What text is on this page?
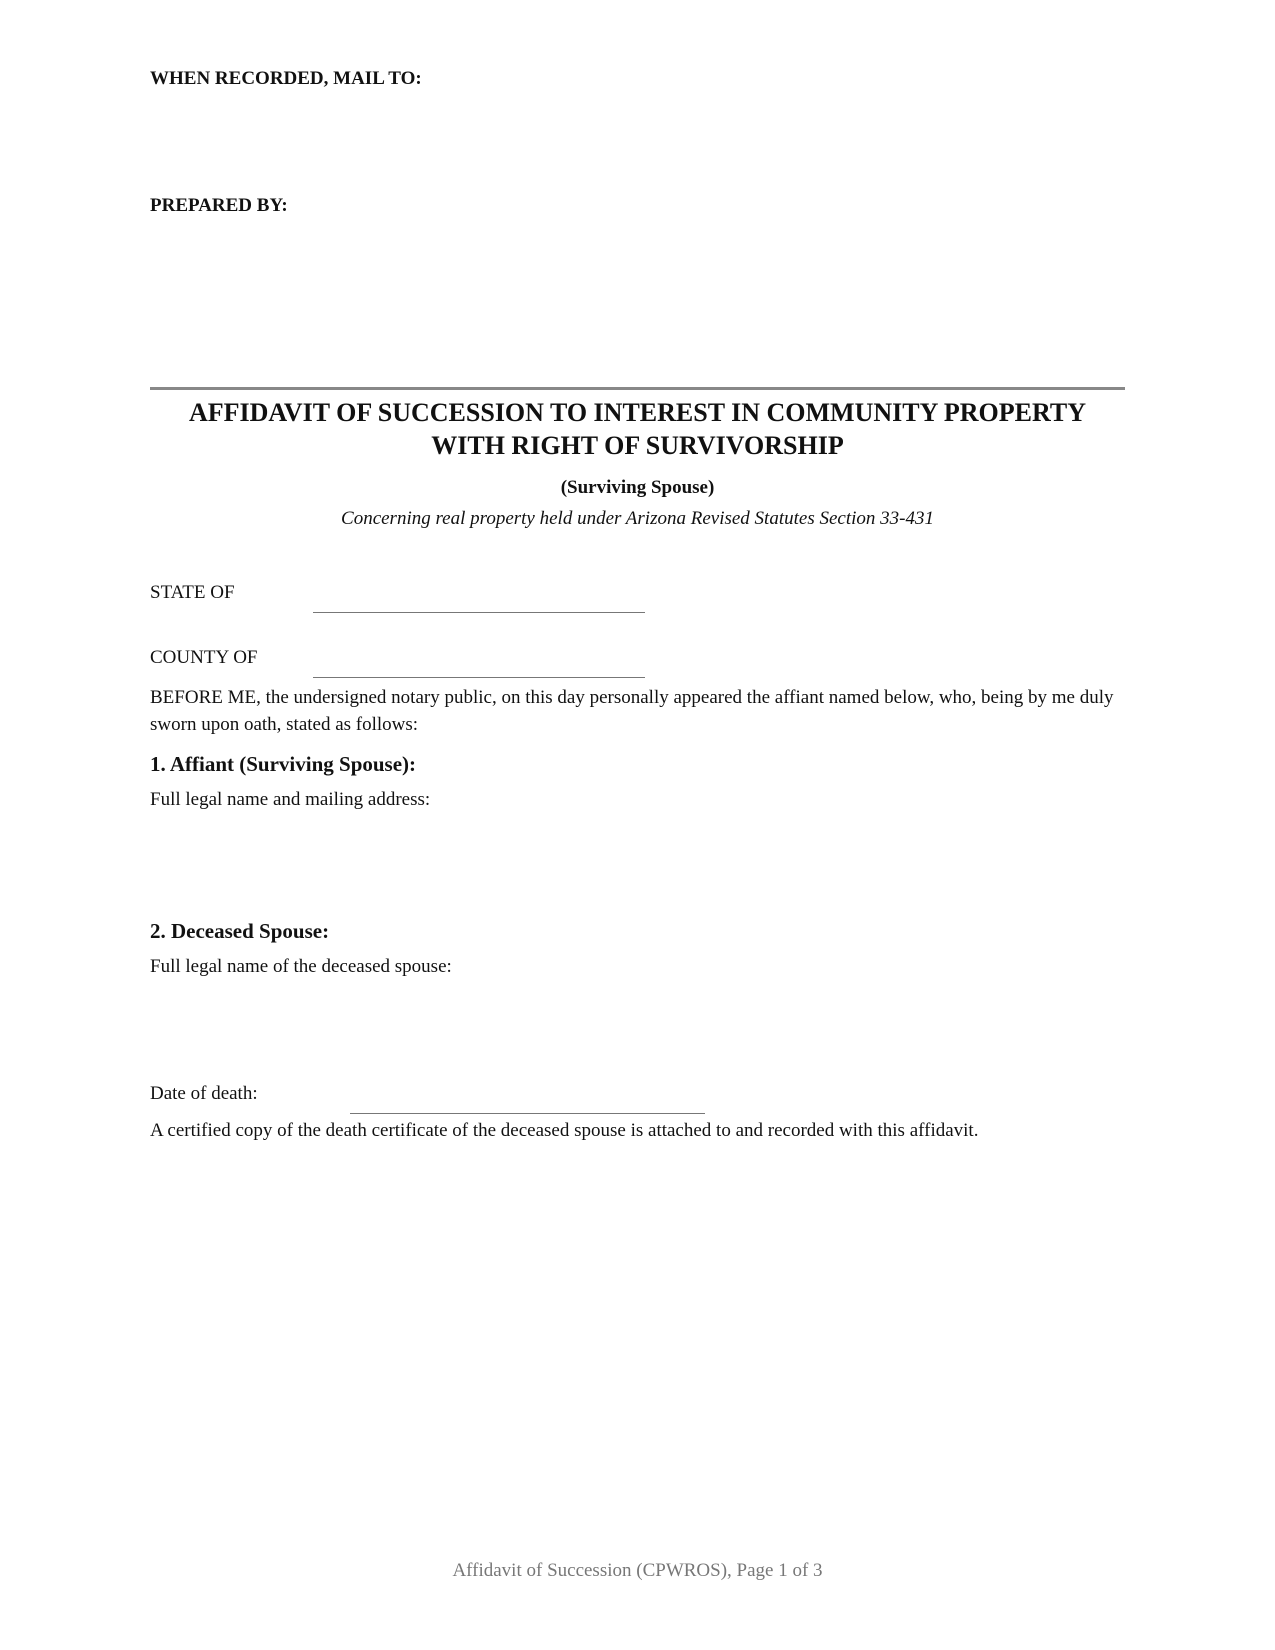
WHEN RECORDED, MAIL TO:
PREPARED BY:
AFFIDAVIT OF SUCCESSION TO INTEREST IN COMMUNITY PROPERTY
WITH RIGHT OF SURVIVORSHIP
(Surviving Spouse)
Concerning real property held under Arizona Revised Statutes Section 33-431
STATE OF
COUNTY OF
BEFORE ME, the undersigned notary public, on this day personally appeared the affiant named below, who, being by me duly sworn upon oath, stated as follows:
1. Affiant (Surviving Spouse):
Full legal name and mailing address:
2. Deceased Spouse:
Full legal name of the deceased spouse:
Date of death:
A certified copy of the death certificate of the deceased spouse is attached to and recorded with this affidavit.
Affidavit of Succession (CPWROS), Page 1 of 3
